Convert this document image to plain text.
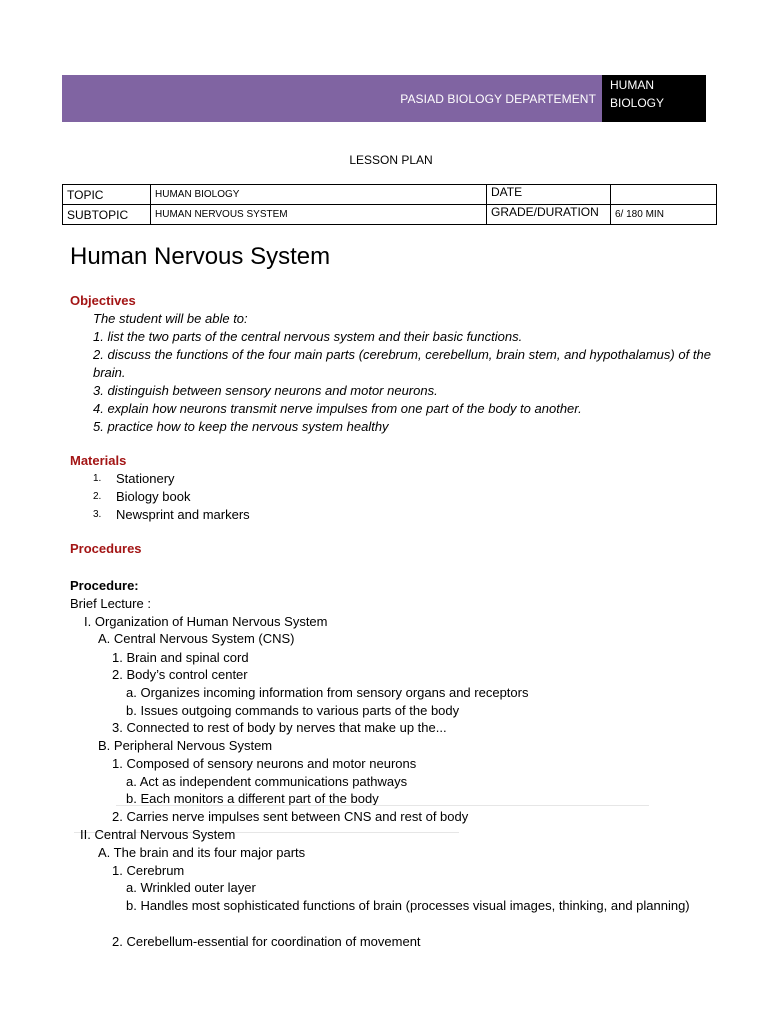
PASIAD BIOLOGY DEPARTEMENT
HUMAN
BIOLOGY
LESSON PLAN
TOPIC	HUMAN BIOLOGY	DATE	
SUBTOPIC	HUMAN NERVOUS SYSTEM	GRADE/DURATION	6/ 180 MIN
Human Nervous System
Objectives
The student will be able to:
1. list the two parts of the central nervous system and their basic functions.
2. discuss the functions of the four main parts (cerebrum, cerebellum, brain stem, and hypothalamus) of the brain.
3. distinguish between sensory neurons and motor neurons.
4. explain how neurons transmit nerve impulses from one part of the body to another.
5. practice how to keep the nervous system healthy
Materials
1. Stationery
2. Biology book
3. Newsprint and markers
Procedures
Procedure:
Brief Lecture :
I. Organization of Human Nervous System
A. Central Nervous System (CNS)
1. Brain and spinal cord
2. Body’s control center
a. Organizes incoming information from sensory organs and receptors
b. Issues outgoing commands to various parts of the body
3. Connected to rest of body by nerves that make up the...
B. Peripheral Nervous System
1. Composed of sensory neurons and motor neurons
a. Act as independent communications pathways
b. Each monitors a different part of the body
2. Carries nerve impulses sent between CNS and rest of body
II. Central Nervous System
A. The brain and its four major parts
1. Cerebrum
a. Wrinkled outer layer
b. Handles most sophisticated functions of brain (processes visual images, thinking, and planning)
2. Cerebellum-essential for coordination of movement
